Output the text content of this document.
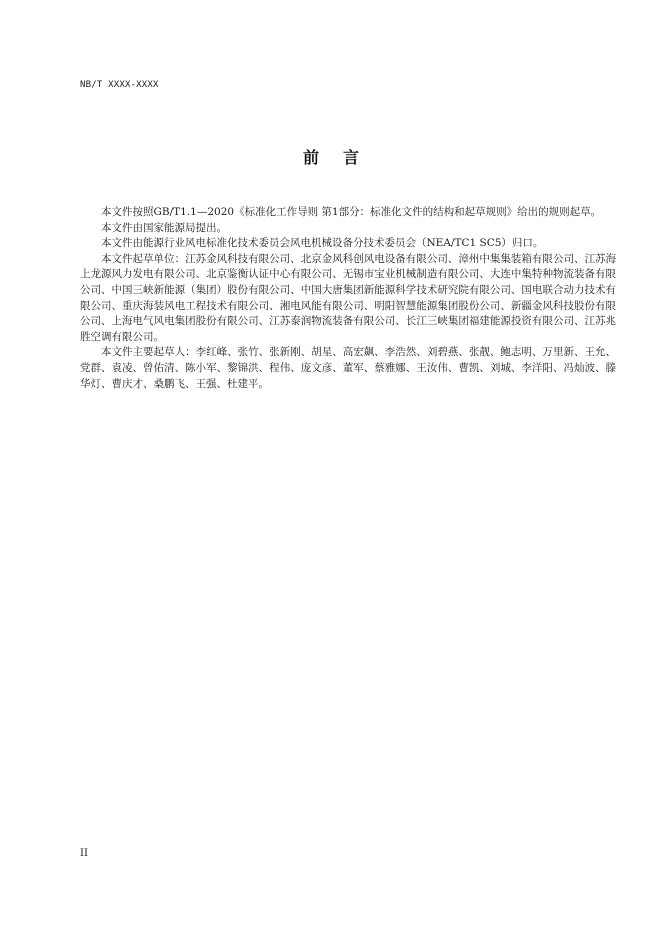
NB/T XXXX-XXXX
前言

本文件按照GB/T1.1—2020《标准化工作导则 第1部分：标准化文件的结构和起草规则》给出的规则起草。

本文件由国家能源局提出。

本文件由能源行业风电标准化技术委员会风电机械设备分技术委员会（NEA/TC1 SC5）归口。

本文件起草单位：江苏金风科技有限公司、北京金风科创风电设备有限公司、漳州中集集装箱有限公司、江苏海上龙源风力发电有限公司、北京鉴衡认证中心有限公司、无锡市宝业机械制造有限公司、大连中集特种物流装备有限公司、中国三峡新能源（集团）股份有限公司、中国大唐集团新能源科学技术研究院有限公司、国电联合动力技术有限公司、重庆海装风电工程技术有限公司、湘电风能有限公司、明阳智慧能源集团股份公司、新疆金风科技股份有限公司、上海电气风电集团股份有限公司、江苏泰润物流装备有限公司、长江三峡集团福建能源投资有限公司、江苏兆胜空调有限公司。

本文件主要起草人：李红峰、张竹、张新刚、胡星、高宏飙、李浩然、刘碧燕、张靓、鲍志明、万里新、王允、党群、袁凌、曾佑清、陈小军、黎锦洪、程伟、庞文彦、董军、蔡雅娜、王汝伟、曹凯、刘城、李洋阳、冯灿波、滕华灯、曹庆才、桑鹏飞、王强、杜建平。

II
